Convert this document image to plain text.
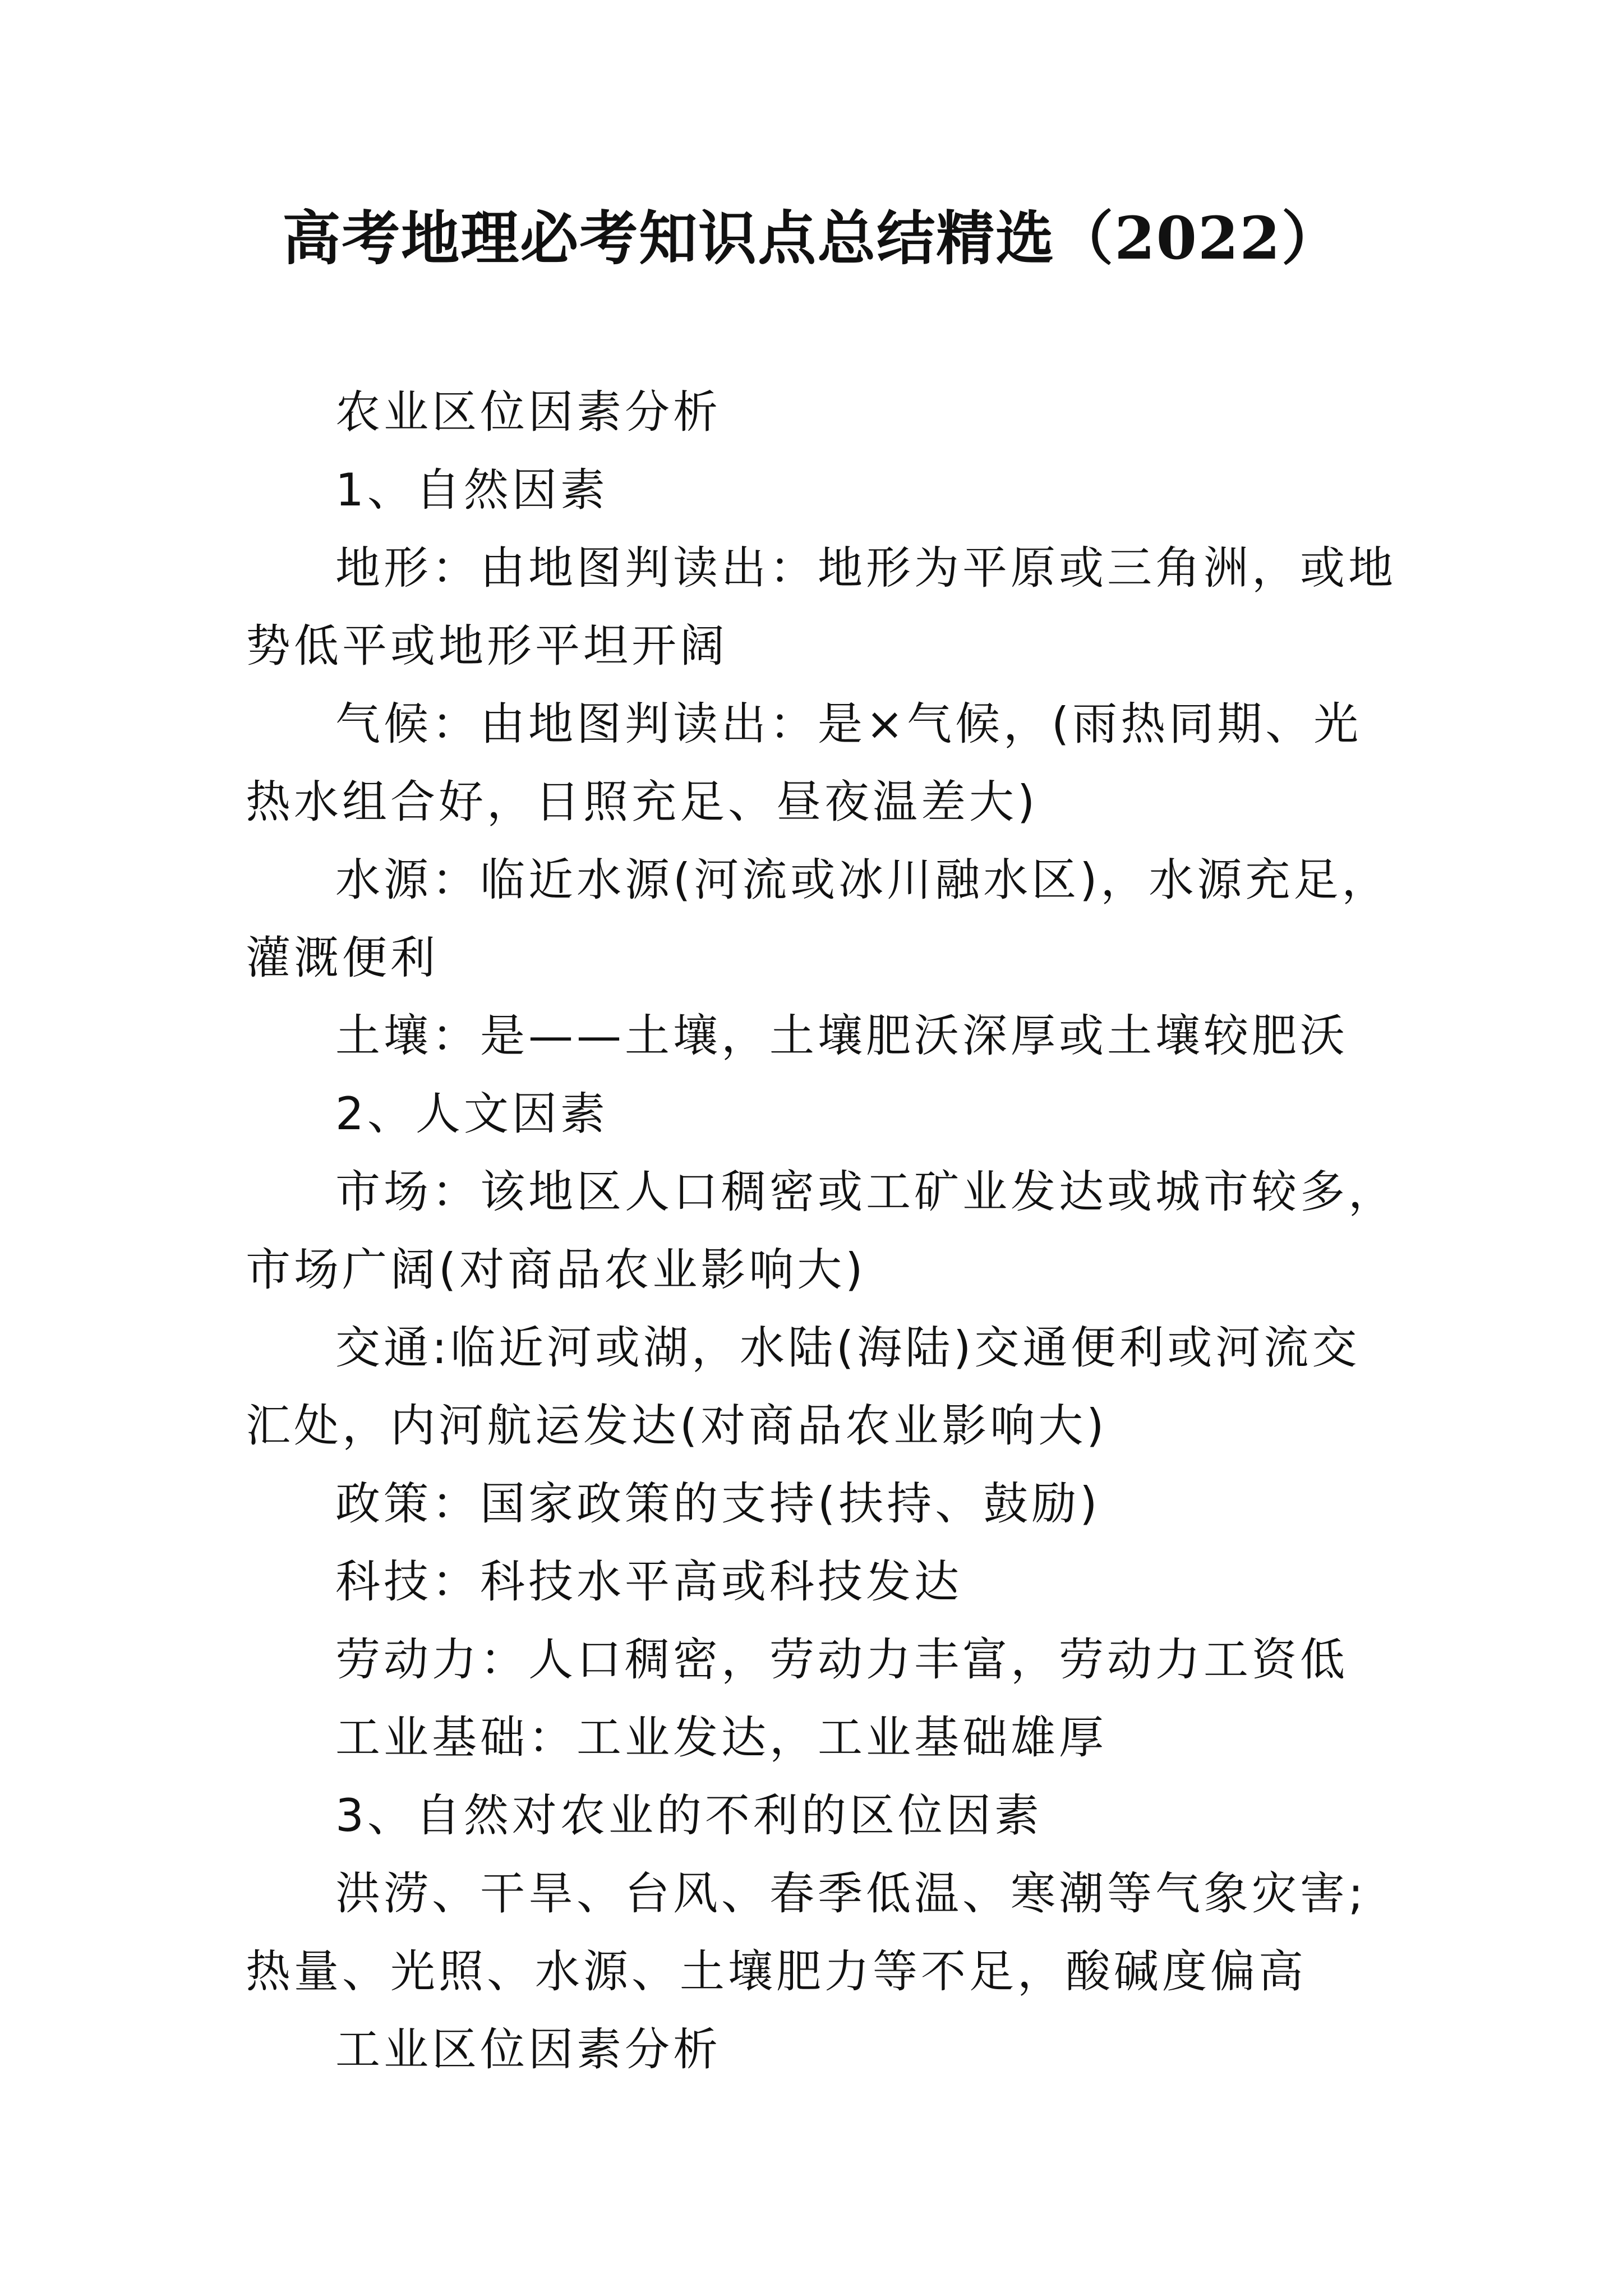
高考地理必考知识点总结精选（2022）

农业区位因素分析

1、自然因素

地形：由地图判读出：地形为平原或三角洲，或地势低平或地形平坦开阔

气候：由地图判读出：是×气候，(雨热同期、光热水组合好，日照充足、昼夜温差大)

水源：临近水源(河流或冰川融水区)，水源充足，灌溉便利

土壤：是——土壤，土壤肥沃深厚或土壤较肥沃

2、人文因素

市场：该地区人口稠密或工矿业发达或城市较多，市场广阔(对商品农业影响大)

交通:临近河或湖，水陆(海陆)交通便利或河流交汇处，内河航运发达(对商品农业影响大)

政策：国家政策的支持(扶持、鼓励)

科技：科技水平高或科技发达

劳动力：人口稠密，劳动力丰富，劳动力工资低

工业基础：工业发达，工业基础雄厚

3、自然对农业的不利的区位因素

洪涝、干旱、台风、春季低温、寒潮等气象灾害;热量、光照、水源、土壤肥力等不足，酸碱度偏高

工业区位因素分析
